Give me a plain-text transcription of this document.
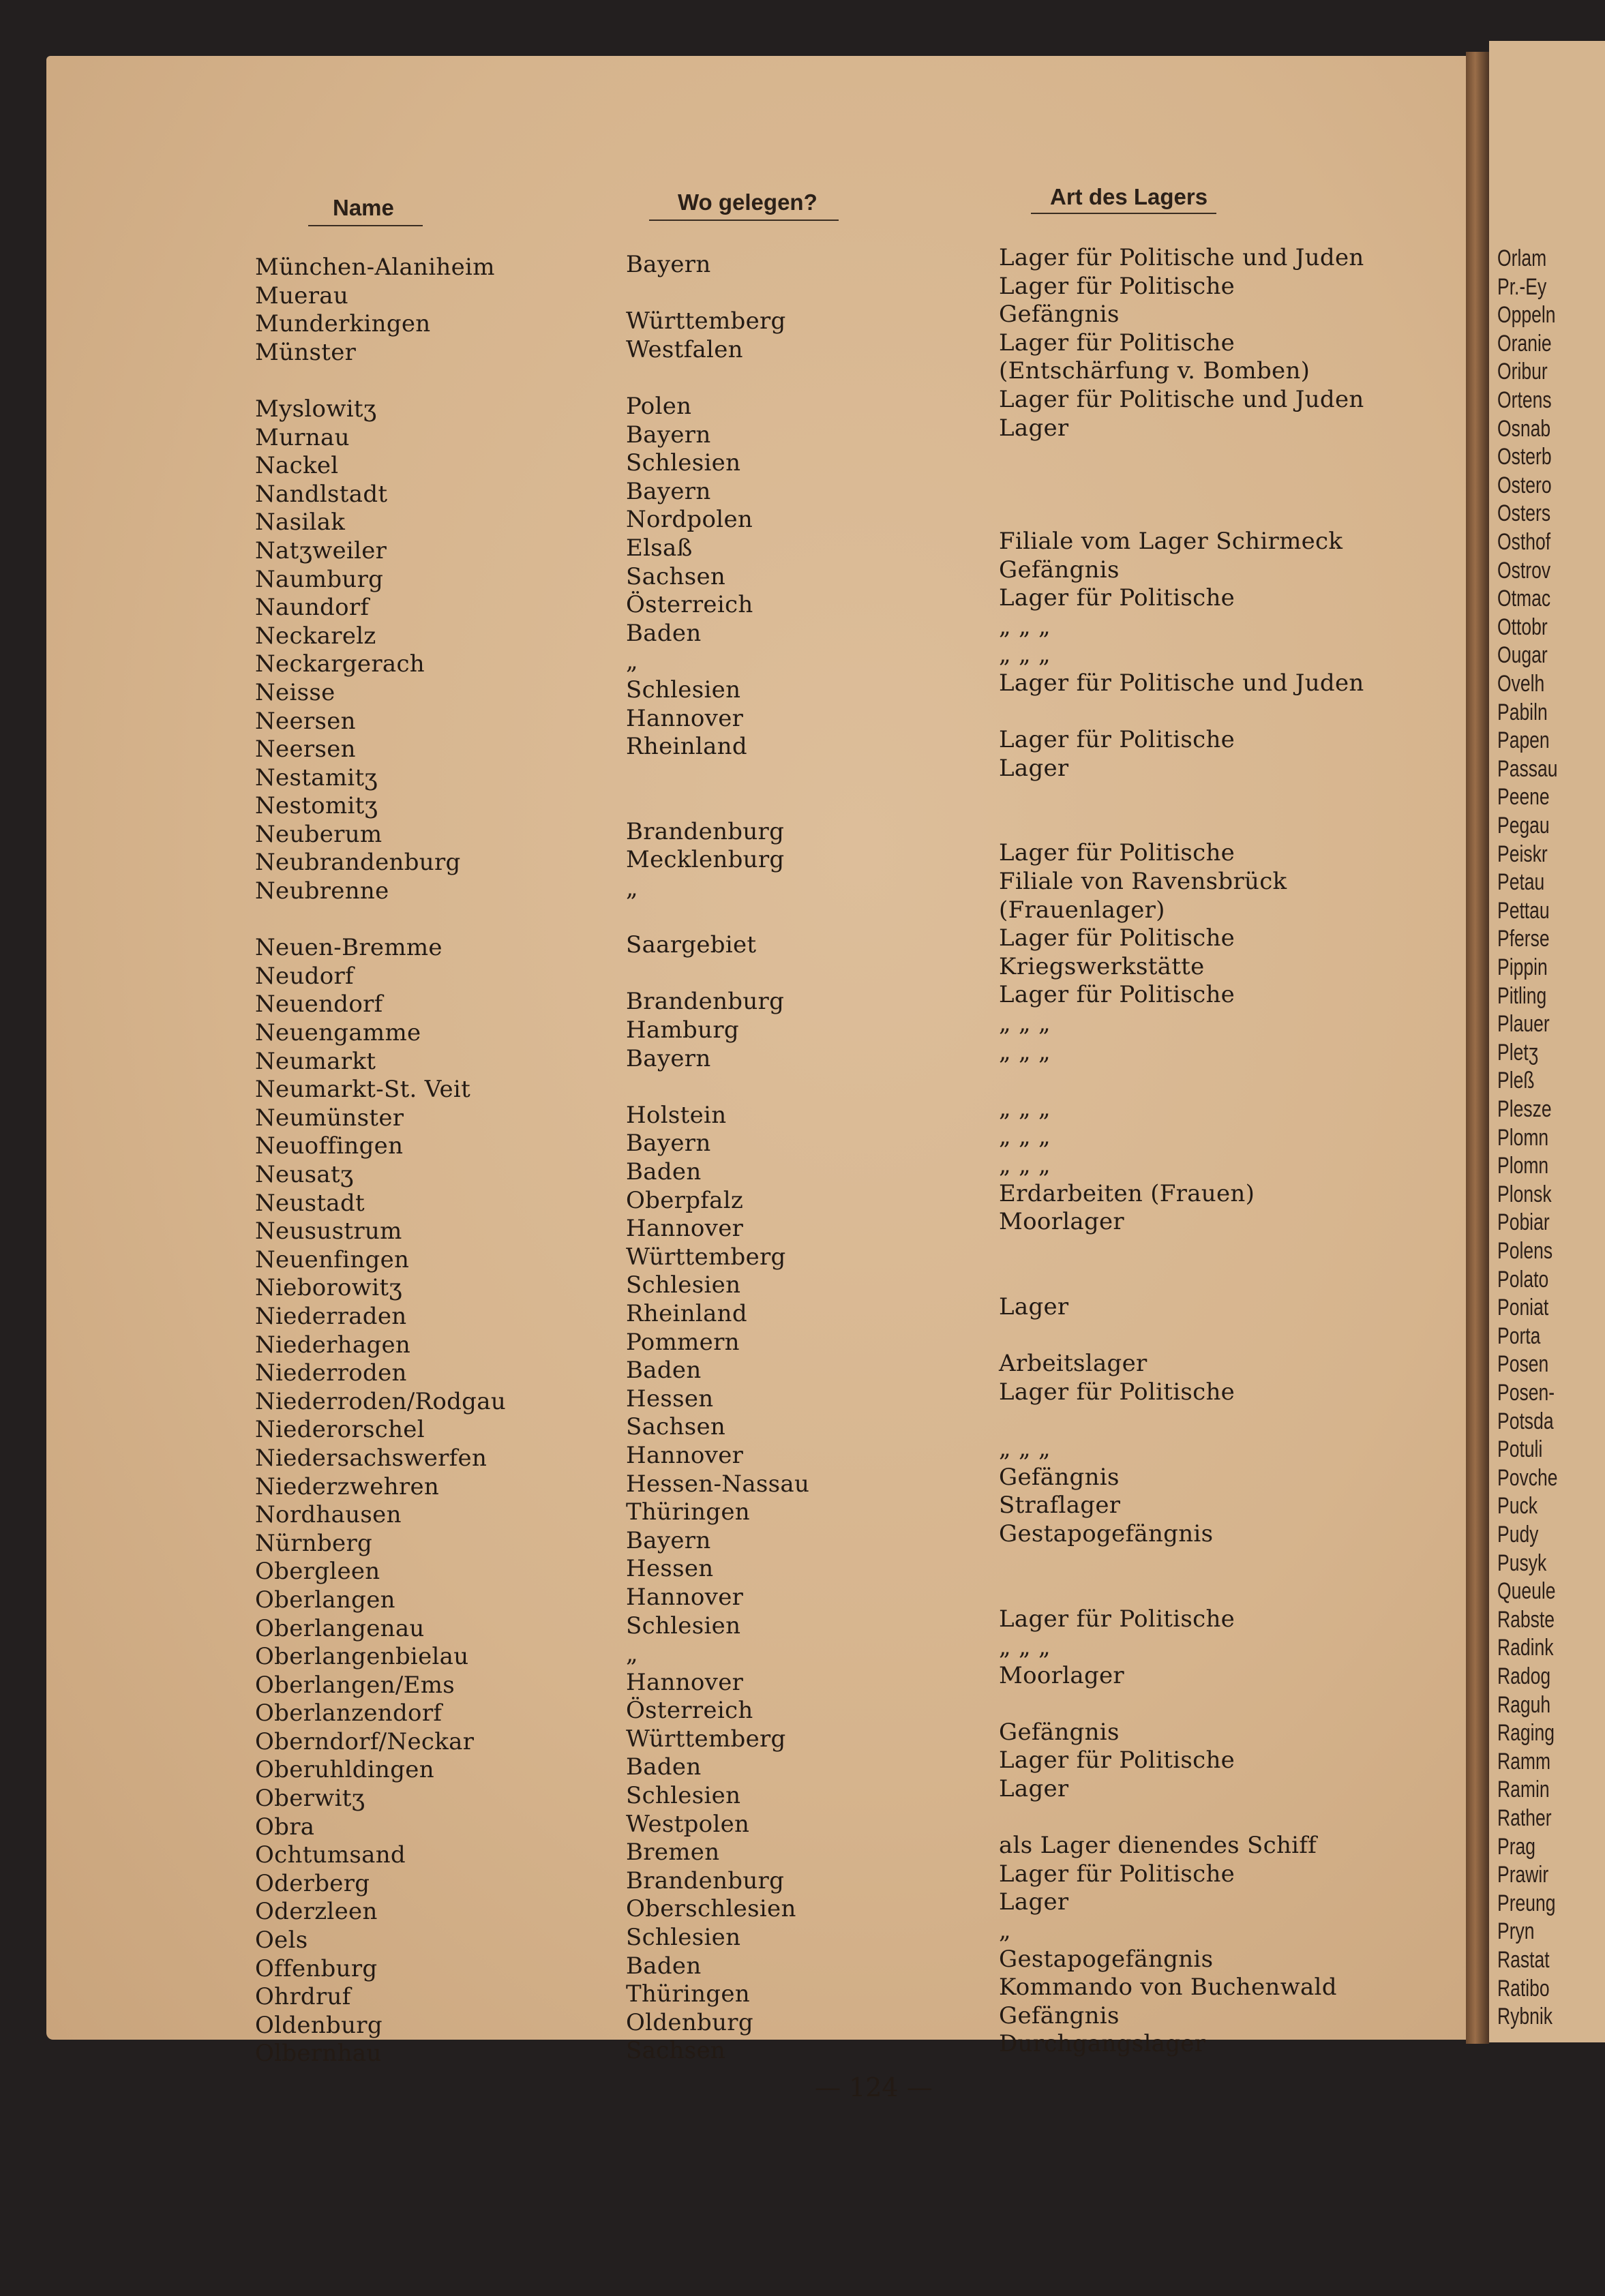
Orlam
Pr.-Ey
Oppeln
Oranie
Oribur
Ortens
Osnab
Osterb
Ostero
Osters
Osthof
Ostrov
Otmac
Ottobr
Ougar
Ovelh
Pabiln
Papen
Passau
Peene
Pegau
Peiskr
Petau
Pettau
Pferse
Pippin
Pitling
Plauer
Pletʒ
Pleß
Plesze
Plomn
Plomn
Plonsk
Pobiar
Polens
Polato
Poniat
Porta
Posen
Posen-
Potsda
Potuli
Povche
Puck
Pudy
Pusyk
Queule
Rabste
Radink
Radog
Raguh
Raging
Ramm
Ramin
Rather
Prag
Prawir
Preung
Pryn
Rastat
Ratibo
Rybnik
Name	Wo gelegen?	Art des Lagers
München-Alaniheim
Muerau
Munderkingen
Münster
Myslowitʒ
Murnau
Nackel
Nandlstadt
Nasilak
Natʒweiler
Naumburg
Naundorf
Neckarelz
Neckargerach
Neisse
Neersen
Neersen
Nestamitʒ
Nestomitʒ
Neuberum
Neubrandenburg
Neubrenne
Neuen-Bremme
Neudorf
Neuendorf
Neuengamme
Neumarkt
Neumarkt-St. Veit
Neumünster
Neuoffingen
Neusatʒ
Neustadt
Neusustrum
Neuenfingen
Nieborowitʒ
Niederraden
Niederhagen
Niederroden
Niederroden/Rodgau
Niederorschel
Niedersachswerfen
Niederzwehren
Nordhausen
Nürnberg
Obergleen
Oberlangen
Oberlangenau
Oberlangenbielau
Oberlangen/Ems
Oberlanzendorf
Oberndorf/Neckar
Oberuhldingen
Oberwitʒ
Obra
Ochtumsand
Oderberg
Oderzleen
Oels
Offenburg
Ohrdruf
Oldenburg
Olbernhau
Bayern
Württemberg
Westfalen
Polen
Bayern
Schlesien
Bayern
Nordpolen
Elsaß
Sachsen
Österreich
Baden
„
Schlesien
Hannover
Rheinland
Brandenburg
Mecklenburg
„
Saargebiet
Brandenburg
Hamburg
Bayern
Holstein
Bayern
Baden
Oberpfalz
Hannover
Württemberg
Schlesien
Rheinland
Pommern
Baden
Hessen
Sachsen
Hannover
Hessen-Nassau
Thüringen
Bayern
Hessen
Hannover
Schlesien
„
Hannover
Österreich
Württemberg
Baden
Schlesien
Westpolen
Bremen
Brandenburg
Oberschlesien
Schlesien
Baden
Thüringen
Oldenburg
Sachsen
Lager für Politische und Juden
Lager für Politische
Gefängnis
Lager für Politische
(Entschärfung v. Bomben)
Lager für Politische und Juden
Lager
Filiale vom Lager Schirmeck
Gefängnis
Lager für Politische
„ „ „
„ „ „
Lager für Politische und Juden
Lager für Politische
Lager
Lager für Politische
Filiale von Ravensbrück
(Frauenlager)
Lager für Politische
Kriegswerkstätte
Lager für Politische
„ „ „
„ „ „
„ „ „
„ „ „
„ „ „
Erdarbeiten (Frauen)
Moorlager
Lager
Arbeitslager
Lager für Politische
„ „ „
Gefängnis
Straflager
Gestapogefängnis
Lager für Politische
„ „ „
Moorlager
Gefängnis
Lager für Politische
Lager
als Lager dienendes Schiff
Lager für Politische
Lager
„
Gestapogefängnis
Kommando von Buchenwald
Gefängnis
Durchgangslager
— 124 —
